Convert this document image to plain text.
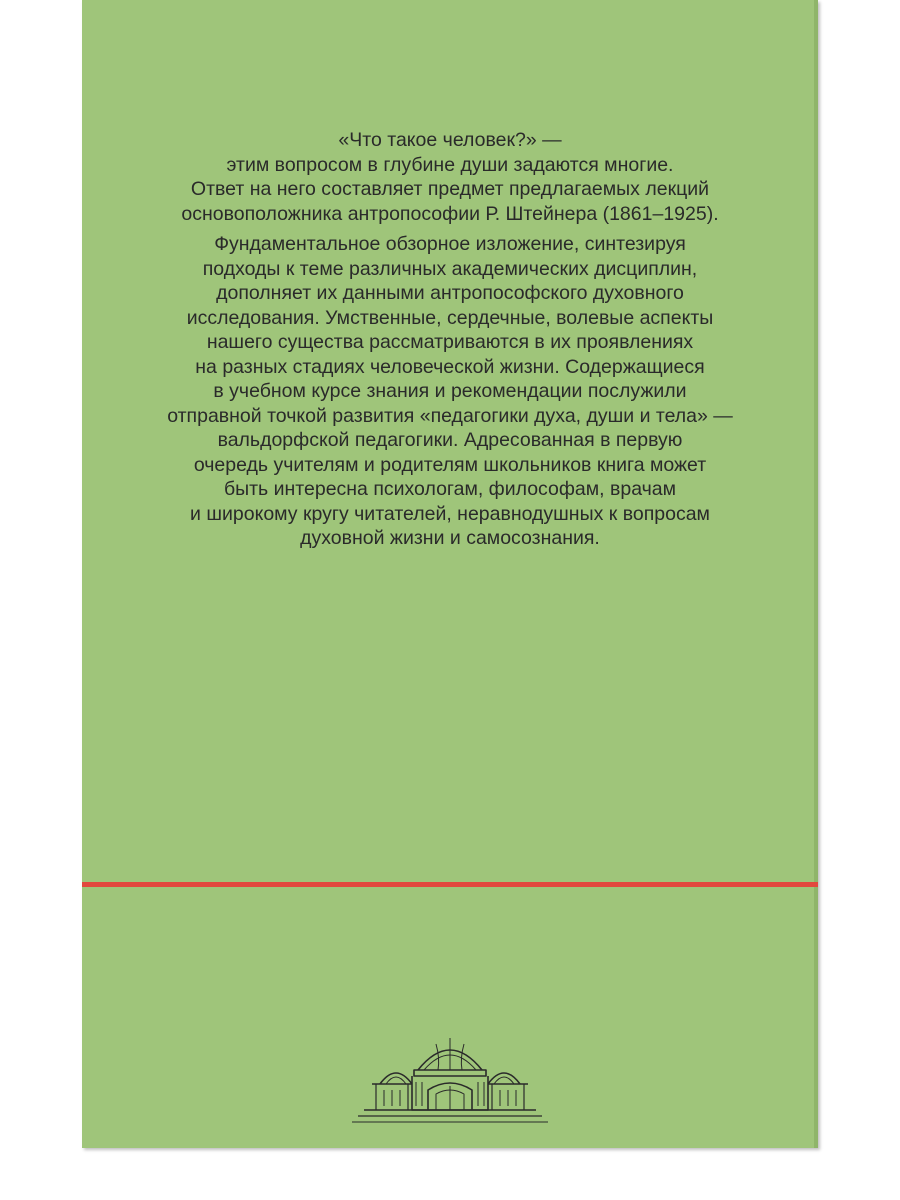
«Что такое человек?» —
этим вопросом в глубине души задаются многие.
Ответ на него составляет предмет предлагаемых лекций
основоположника антропософии Р. Штейнера (1861–1925).

Фундаментальное обзорное изложение, синтезируя
подходы к теме различных академических дисциплин,
дополняет их данными антропософского духовного
исследования. Умственные, сердечные, волевые аспекты
нашего существа рассматриваются в их проявлениях
на разных стадиях человеческой жизни. Содержащиеся
в учебном курсе знания и рекомендации послужили
отправной точкой развития «педагогики духа, души и тела» —
вальдорфской педагогики. Адресованная в первую
очередь учителям и родителям школьников книга может
быть интересна психологам, философам, врачам
и широкому кругу читателей, неравнодушных к вопросам
духовной жизни и самосознания.
